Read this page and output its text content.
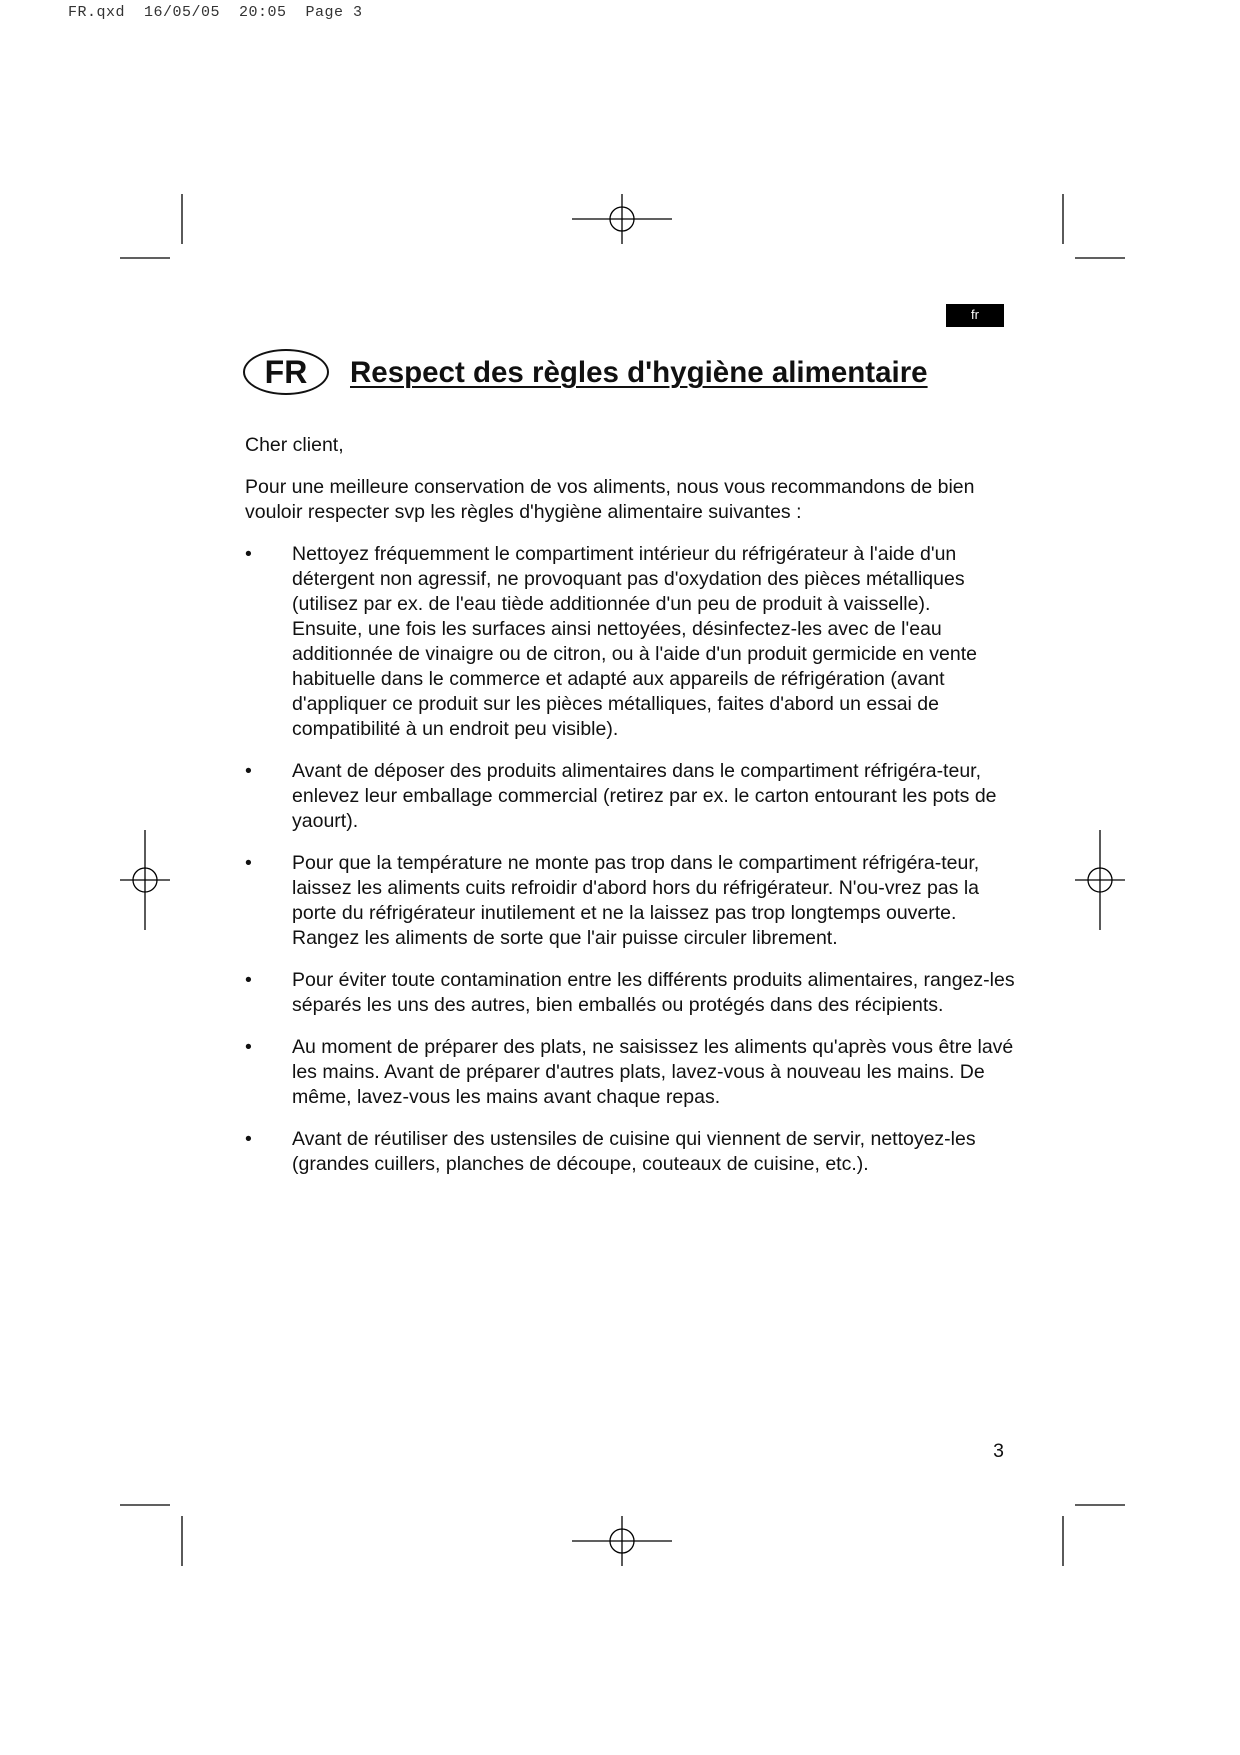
FR.qxd  16/05/05  20:05  Page 3
fr
FR	Respect des règles d'hygiène alimentaire

Cher client,

Pour une meilleure conservation de vos aliments, nous vous recommandons de bien vouloir respecter svp les règles d'hygiène alimentaire suivantes :

• Nettoyez fréquemment le compartiment intérieur du réfrigérateur à l'aide d'un détergent non agressif, ne provoquant pas d'oxydation des pièces métalliques (utilisez par ex. de l'eau tiède additionnée d'un peu de produit à vaisselle).
Ensuite, une fois les surfaces ainsi nettoyées, désinfectez-les avec de l'eau additionnée de vinaigre ou de citron, ou à l'aide d'un produit germicide en vente habituelle dans le commerce et adapté aux appareils de réfrigération (avant d'appliquer ce produit sur les pièces métalliques, faites d'abord un essai de compatibilité à un endroit peu visible).
• Avant de déposer des produits alimentaires dans le compartiment réfrigéra-teur, enlevez leur emballage commercial (retirez par ex. le carton entourant les pots de yaourt).
• Pour que la température ne monte pas trop dans le compartiment réfrigéra-teur, laissez les aliments cuits refroidir d'abord hors du réfrigérateur. N'ou-vrez pas la porte du réfrigérateur inutilement et ne la laissez pas trop longtemps ouverte.
Rangez les aliments de sorte que l'air puisse circuler librement.
• Pour éviter toute contamination entre les différents produits alimentaires, rangez-les séparés les uns des autres, bien emballés ou protégés dans des récipients.
• Au moment de préparer des plats, ne saisissez les aliments qu'après vous être lavé les mains. Avant de préparer d'autres plats, lavez-vous à nouveau les mains. De même, lavez-vous les mains avant chaque repas.
• Avant de réutiliser des ustensiles de cuisine qui viennent de servir, nettoyez-les (grandes cuillers, planches de découpe, couteaux de cuisine, etc.).
3
